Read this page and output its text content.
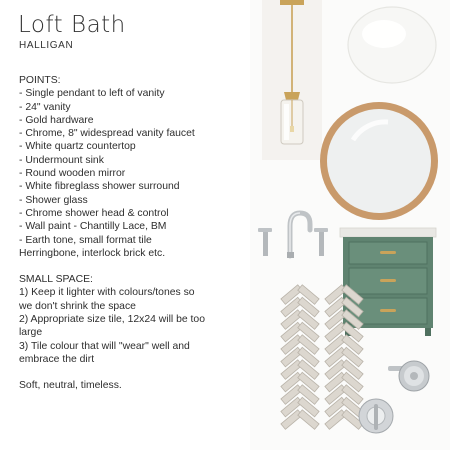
Loft Bath
HALLIGAN
POINTS:
- Single pendant to left of vanity
- 24" vanity
- Gold hardware
- Chrome, 8" widespread vanity faucet
- White quartz countertop
- Undermount sink
- Round wooden mirror
- White fibreglass shower surround
- Shower glass
- Chrome shower head & control
- Wall paint - Chantilly Lace, BM
- Earth tone, small format tile
Herringbone, interlock brick etc.
SMALL SPACE:
1) Keep it lighter with colours/tones so
we don't shrink the space
2) Appropriate size tile, 12x24 will be too
large
3) Tile colour that will "wear" well and
embrace the dirt
Soft, neutral, timeless.
